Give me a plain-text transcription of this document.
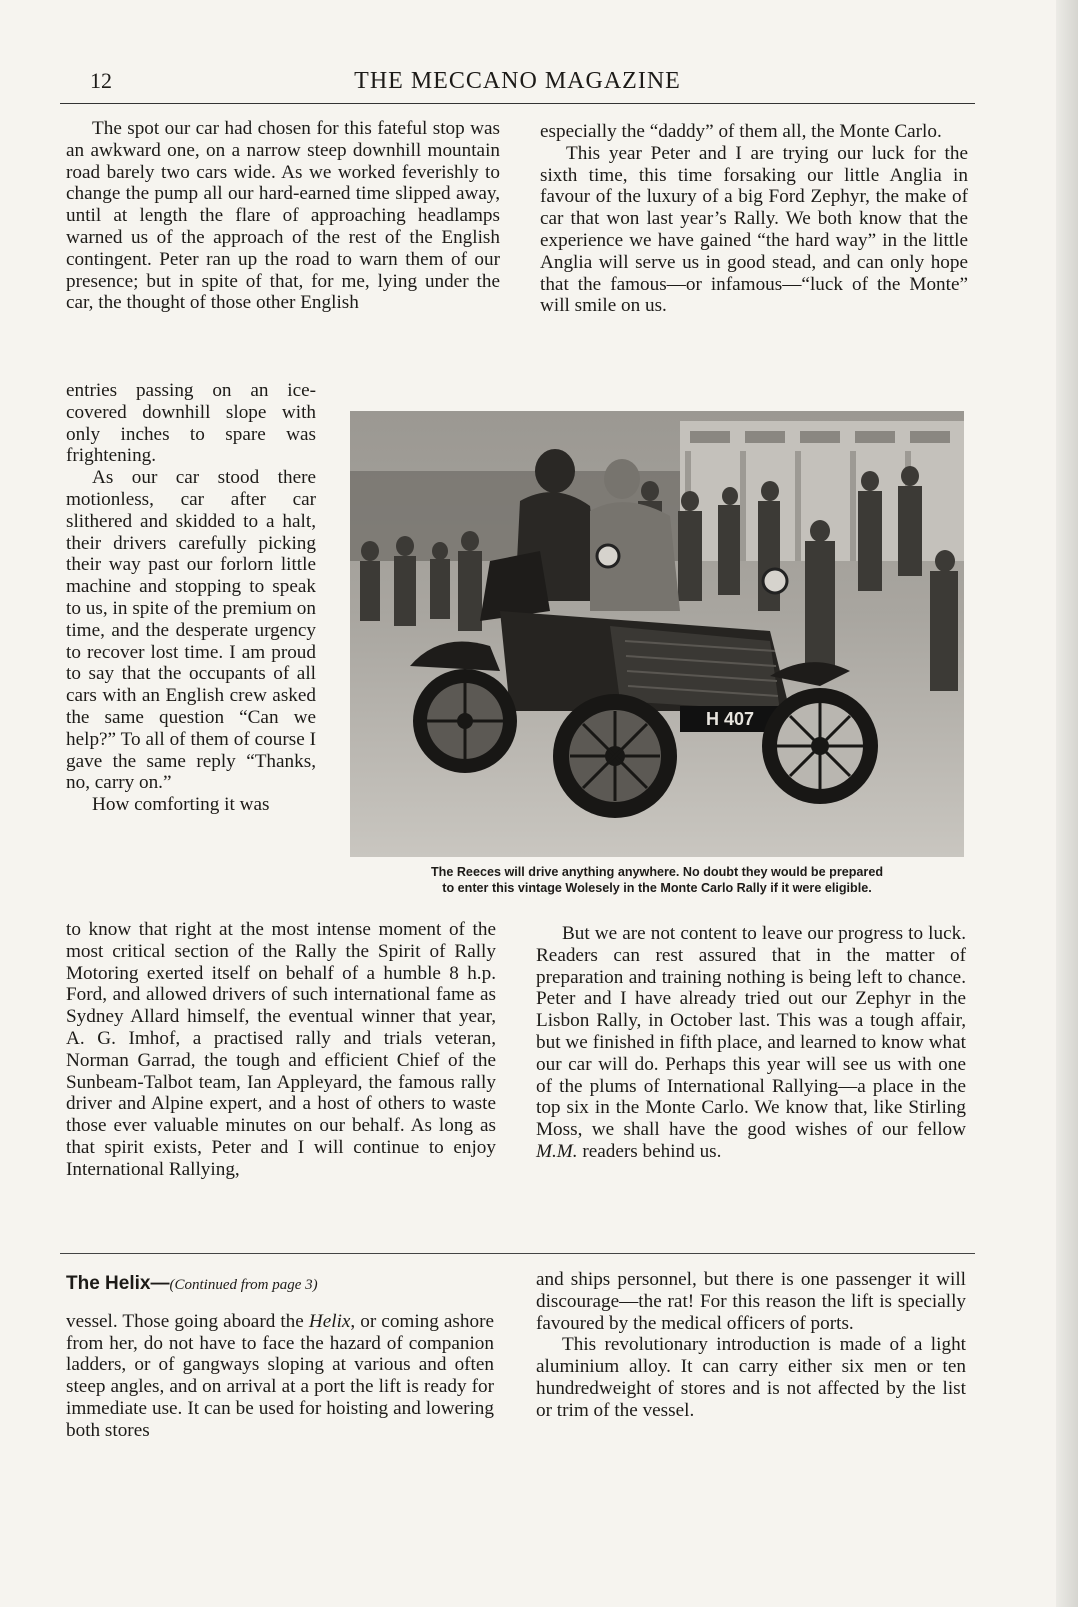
12	THE MECCANO MAGAZINE

The spot our car had chosen for this fateful stop was an awkward one, on a narrow steep downhill mountain road barely two cars wide. As we worked feverishly to change the pump all our hard-earned time slipped away, until at length the flare of approaching headlamps warned us of the approach of the rest of the English contingent. Peter ran up the road to warn them of our presence; but in spite of that, for me, lying under the car, the thought of those other English

entries passing on an ice-covered downhill slope with only inches to spare was frightening.

As our car stood there motionless, car after car slithered and skidded to a halt, their drivers carefully picking their way past our forlorn little machine and stopping to speak to us, in spite of the premium on time, and the desperate urgency to recover lost time. I am proud to say that the occupants of all cars with an English crew asked the same question “Can we help?” To all of them of course I gave the same reply “Thanks, no, carry on.”

How comforting it was

to know that right at the most intense moment of the most critical section of the Rally the Spirit of Rally Motoring exerted itself on behalf of a humble 8 h.p. Ford, and allowed drivers of such international fame as Sydney Allard himself, the eventual winner that year, A. G. Imhof, a practised rally and trials veteran, Norman Garrad, the tough and efficient Chief of the Sunbeam-Talbot team, Ian Appleyard, the famous rally driver and Alpine expert, and a host of others to waste those ever valuable minutes on our behalf. As long as that spirit exists, Peter and I will continue to enjoy International Rallying,

especially the “daddy” of them all, the Monte Carlo.

This year Peter and I are trying our luck for the sixth time, this time forsaking our little Anglia in favour of the luxury of a big Ford Zephyr, the make of car that won last year’s Rally. We both know that the experience we have gained “the hard way” in the little Anglia will serve us in good stead, and can only hope that the famous—or infamous—“luck of the Monte” will smile on us.

H 407
The Reeces will drive anything anywhere. No doubt they would be prepared
to enter this vintage Wolesely in the Monte Carlo Rally if it were eligible.

But we are not content to leave our progress to luck. Readers can rest assured that in the matter of preparation and training nothing is being left to chance. Peter and I have already tried out our Zephyr in the Lisbon Rally, in October last. This was a tough affair, but we finished in fifth place, and learned to know what our car will do. Perhaps this year will see us with one of the plums of International Rallying—a place in the top six in the Monte Carlo. We know that, like Stirling Moss, we shall have the good wishes of our fellow M.M. readers behind us.

The Helix—(Continued from page 3)

vessel. Those going aboard the Helix, or coming ashore from her, do not have to face the hazard of companion ladders, or of gangways sloping at various and often steep angles, and on arrival at a port the lift is ready for immediate use. It can be used for hoisting and lowering both stores

and ships personnel, but there is one passenger it will discourage—the rat! For this reason the lift is specially favoured by the medical officers of ports.

This revolutionary introduction is made of a light aluminium alloy. It can carry either six men or ten hundredweight of stores and is not affected by the list or trim of the vessel.
